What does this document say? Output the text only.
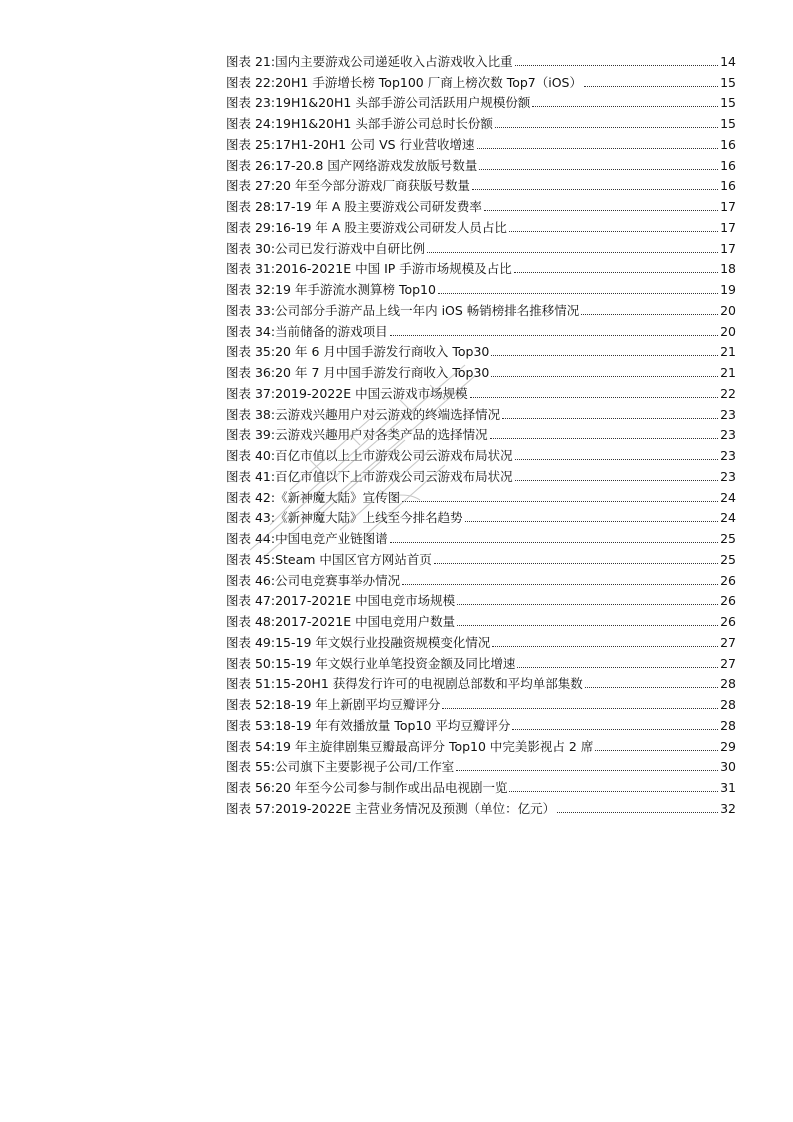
图表 21: 国内主要游戏公司递延收入占游戏收入比重	14
图表 22: 20H1 手游增长榜 Top100 厂商上榜次数 Top7（iOS）	15
图表 23: 19H1&20H1 头部手游公司活跃用户规模份额	15
图表 24: 19H1&20H1 头部手游公司总时长份额	15
图表 25: 17H1-20H1 公司 VS 行业营收增速	16
图表 26: 17-20.8 国产网络游戏发放版号数量	16
图表 27: 20 年至今部分游戏厂商获版号数量	16
图表 28: 17-19 年 A 股主要游戏公司研发费率	17
图表 29: 16-19 年 A 股主要游戏公司研发人员占比	17
图表 30: 公司已发行游戏中自研比例	17
图表 31: 2016-2021E 中国 IP 手游市场规模及占比	18
图表 32: 19 年手游流水测算榜 Top10	19
图表 33: 公司部分手游产品上线一年内 iOS 畅销榜排名推移情况	20
图表 34: 当前储备的游戏项目	20
图表 35: 20 年 6 月中国手游发行商收入 Top30	21
图表 36: 20 年 7 月中国手游发行商收入 Top30	21
图表 37: 2019-2022E 中国云游戏市场规模	22
图表 38: 云游戏兴趣用户对云游戏的终端选择情况	23
图表 39: 云游戏兴趣用户对各类产品的选择情况	23
图表 40: 百亿市值以上上市游戏公司云游戏布局状况	23
图表 41: 百亿市值以下上市游戏公司云游戏布局状况	23
图表 42: 《新神魔大陆》宣传图	24
图表 43: 《新神魔大陆》上线至今排名趋势	24
图表 44: 中国电竞产业链图谱	25
图表 45: Steam 中国区官方网站首页	25
图表 46: 公司电竞赛事举办情况	26
图表 47: 2017-2021E 中国电竞市场规模	26
图表 48: 2017-2021E 中国电竞用户数量	26
图表 49: 15-19 年文娱行业投融资规模变化情况	27
图表 50: 15-19 年文娱行业单笔投资金额及同比增速	27
图表 51: 15-20H1 获得发行许可的电视剧总部数和平均单部集数	28
图表 52: 18-19 年上新剧平均豆瓣评分	28
图表 53: 18-19 年有效播放量 Top10 平均豆瓣评分	28
图表 54: 19 年主旋律剧集豆瓣最高评分 Top10 中完美影视占 2 席	29
图表 55: 公司旗下主要影视子公司/工作室	30
图表 56: 20 年至今公司参与制作或出品电视剧一览	31
图表 57: 2019-2022E 主营业务情况及预测（单位：亿元）	32
